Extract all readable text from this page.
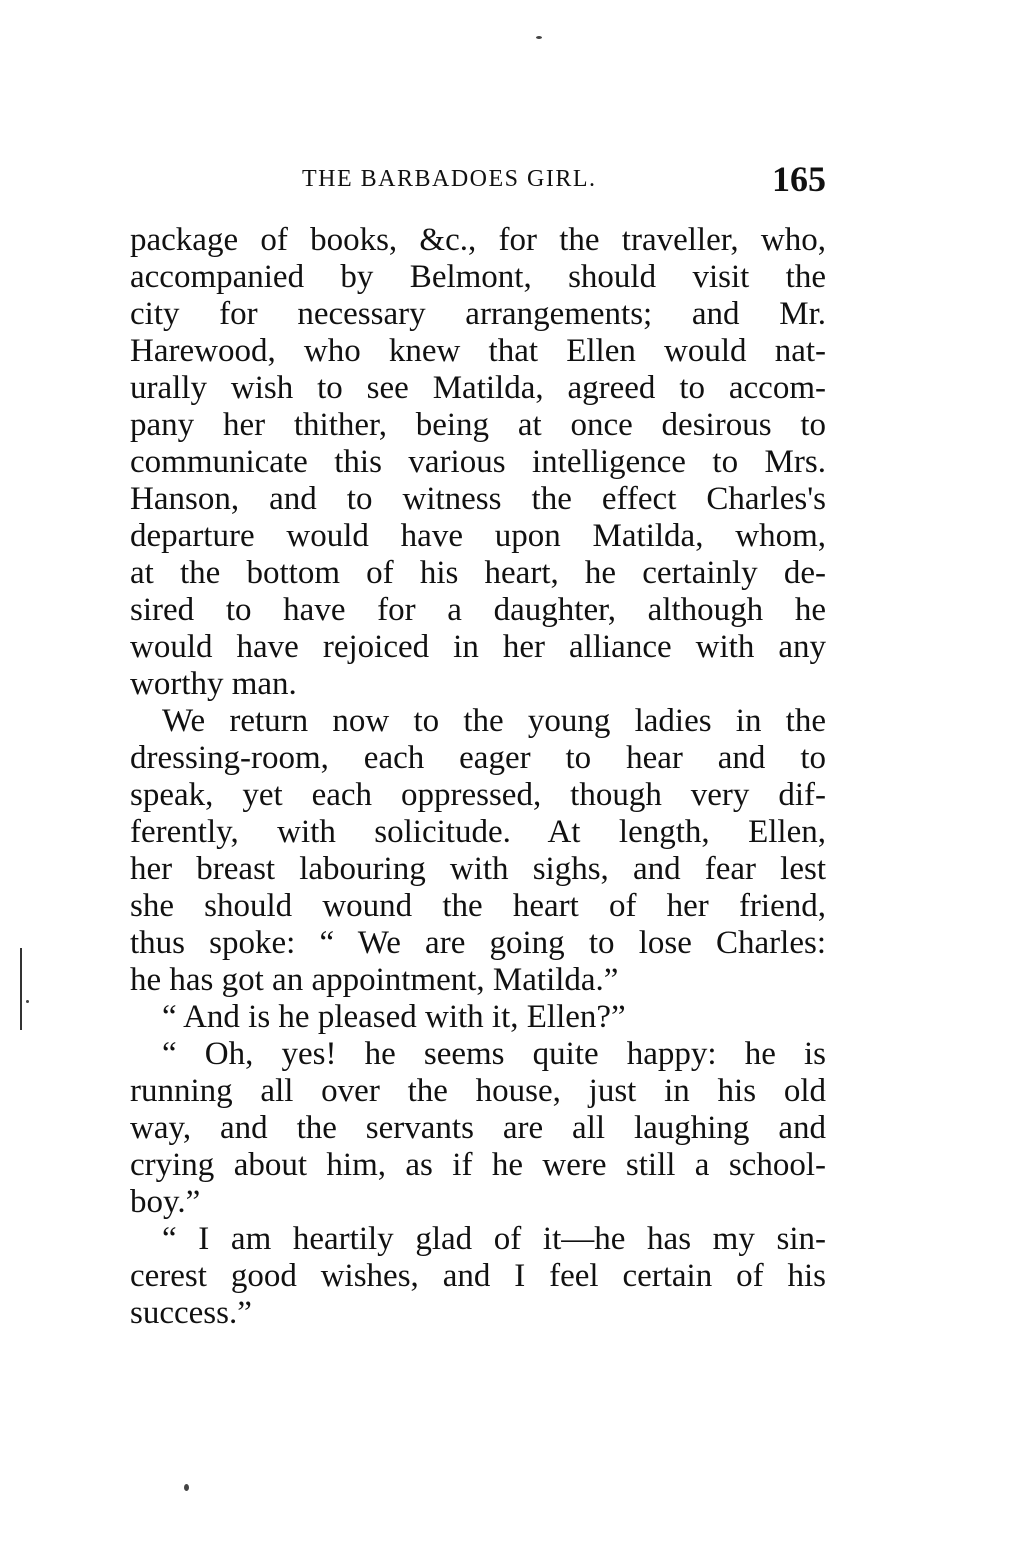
THE BARBADOES GIRL.	165
package of books, &c., for the traveller, who,
accompanied by Belmont, should visit the
city for necessary arrangements; and Mr.
Harewood, who knew that Ellen would nat-
urally wish to see Matilda, agreed to accom-
pany her thither, being at once desirous to
communicate this various intelligence to Mrs.
Hanson, and to witness the effect Charles's
departure would have upon Matilda, whom,
at the bottom of his heart, he certainly de-
sired to have for a daughter, although he
would have rejoiced in her alliance with any
worthy man.
We return now to the young ladies in the
dressing-room, each eager to hear and to
speak, yet each oppressed, though very dif-
ferently, with solicitude. At length, Ellen,
her breast labouring with sighs, and fear lest
she should wound the heart of her friend,
thus spoke: “ We are going to lose Charles:
he has got an appointment, Matilda.”
“ And is he pleased with it, Ellen?”
“ Oh, yes! he seems quite happy: he is
running all over the house, just in his old
way, and the servants are all laughing and
crying about him, as if he were still a school-
boy.”
“ I am heartily glad of it—he has my sin-
cerest good wishes, and I feel certain of his
success.”
